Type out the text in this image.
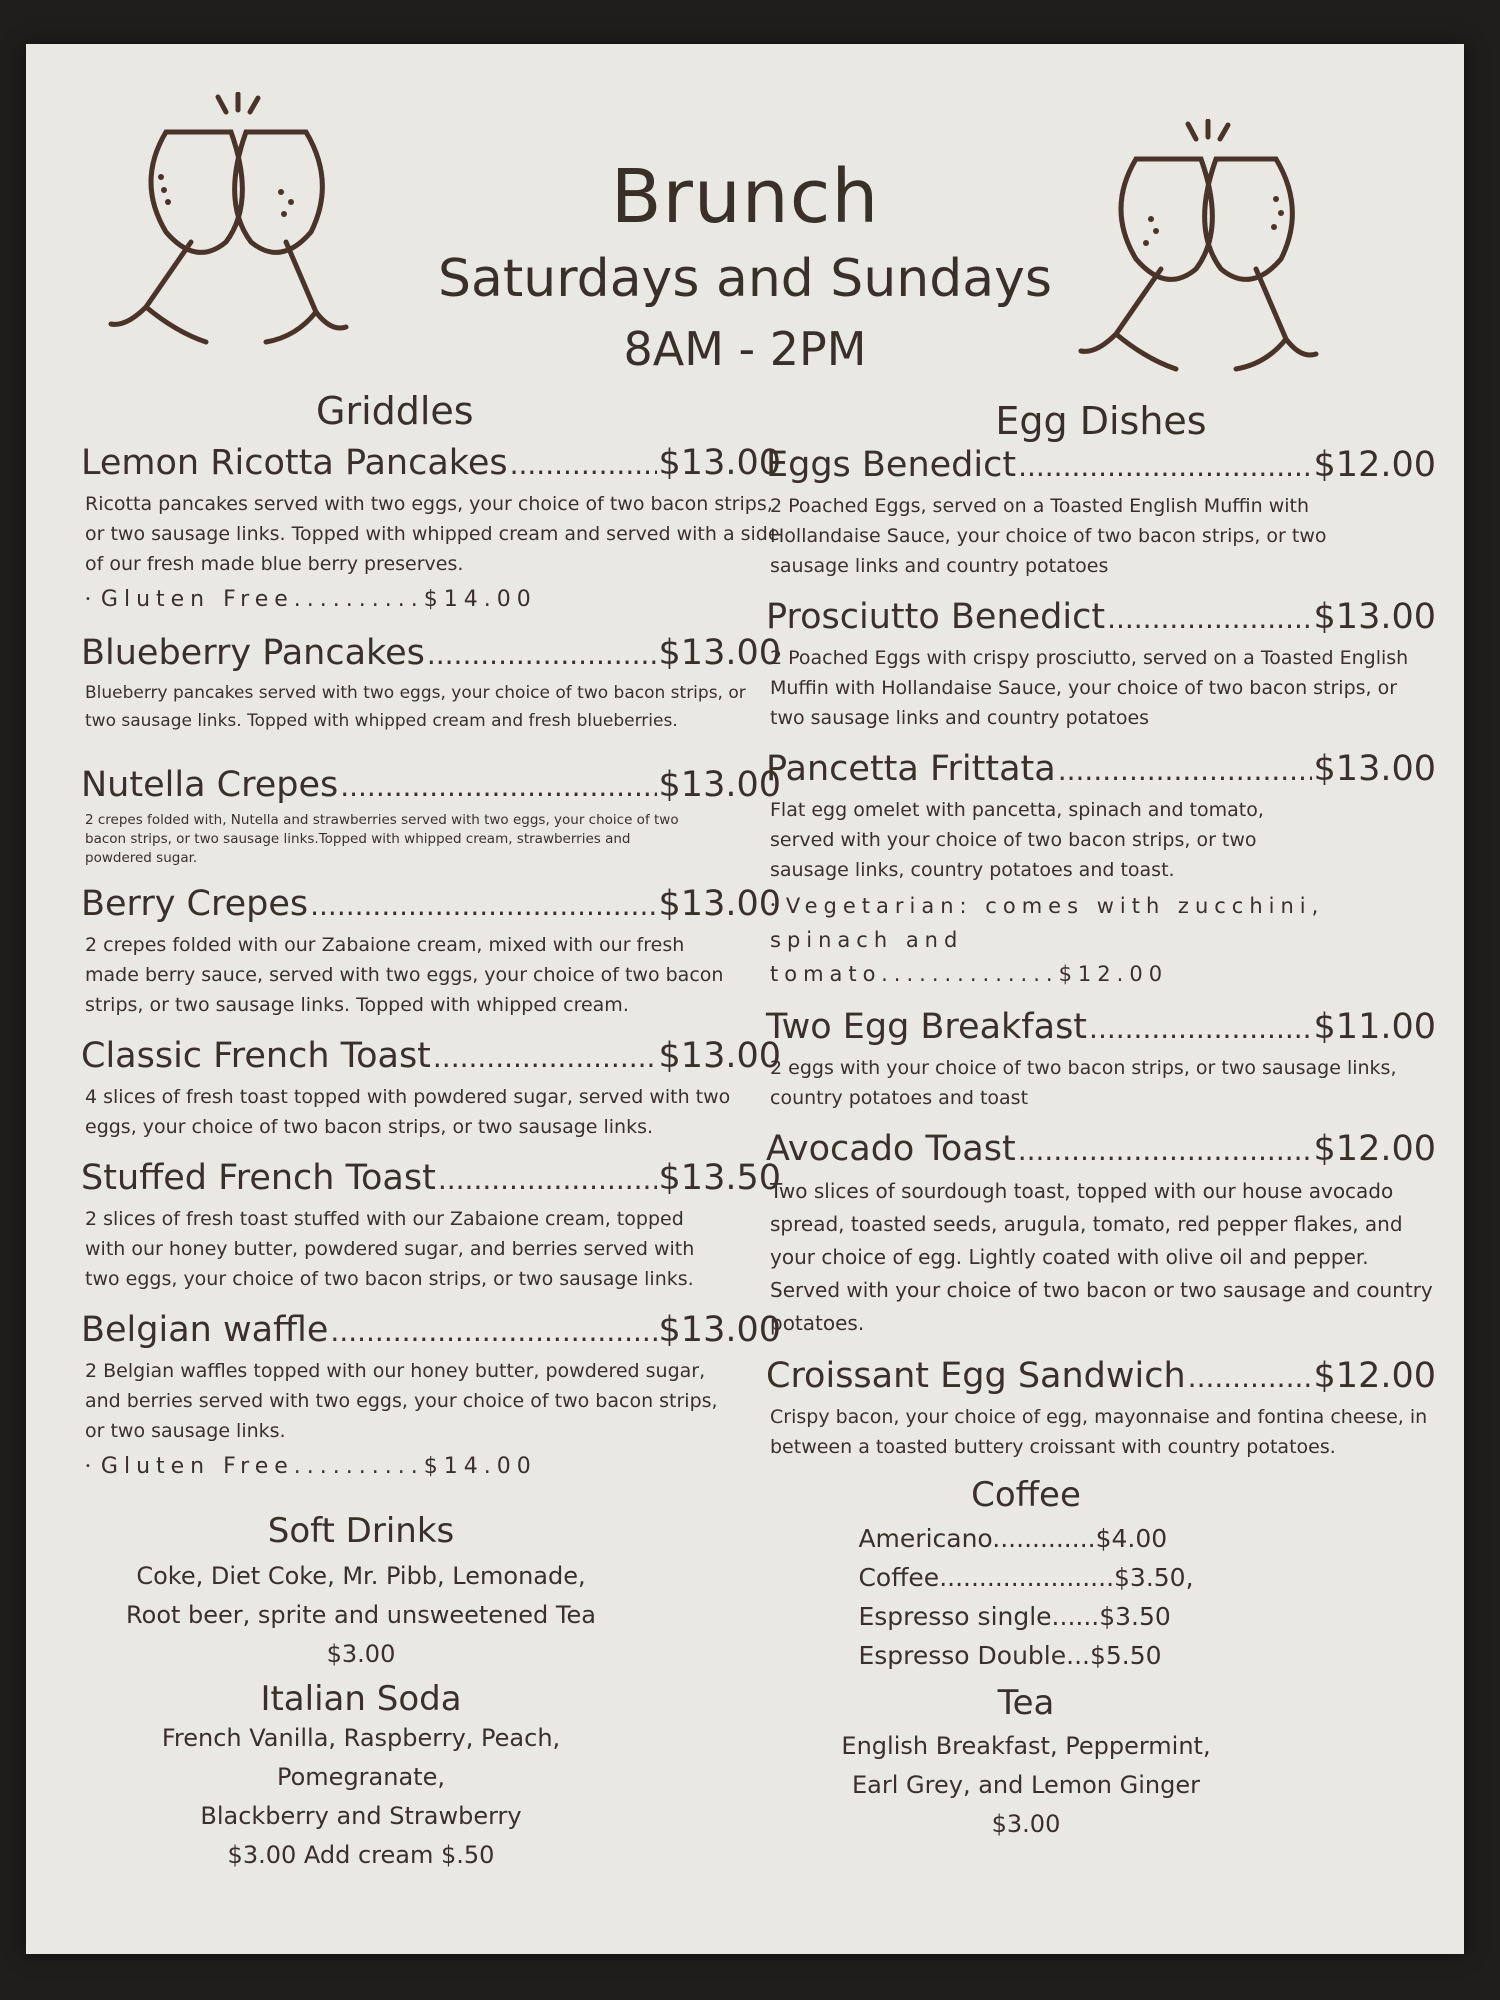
Brunch
Saturdays and Sundays
8AM - 2PM
Griddles
Lemon Ricotta Pancakes .....	$13.00
Ricotta pancakes served with two eggs, your choice of two bacon strips, or two sausage links. Topped with whipped cream and served with a side of our fresh made blue berry preserves.
• Gluten Free..........$14.00
Blueberry Pancakes .....	$13.00
Blueberry pancakes served with two eggs, your choice of two bacon strips, or two sausage links. Topped with whipped cream and fresh blueberries.
Nutella Crepes .....	$13.00
2 crepes folded with, Nutella and strawberries served with two eggs, your choice of two bacon strips, or two sausage links.Topped with whipped cream, strawberries and powdered sugar.
Berry Crepes .....	$13.00
2 crepes folded with our Zabaione cream, mixed with our fresh made berry sauce, served with two eggs, your choice of two bacon strips, or two sausage links. Topped with whipped cream.
Classic French Toast .....	$13.00
4 slices of fresh toast topped with powdered sugar, served with two eggs, your choice of two bacon strips, or two sausage links.
Stuffed French Toast .....	$13.50
2 slices of fresh toast stuffed with our Zabaione cream, topped with our honey butter, powdered sugar, and berries served with two eggs, your choice of two bacon strips, or two sausage links.
Belgian waffle .....	$13.00
2 Belgian waffles topped with our honey butter, powdered sugar, and berries served with two eggs, your choice of two bacon strips, or two sausage links.
• Gluten Free..........$14.00
Soft Drinks
Coke, Diet Coke, Mr. Pibb, Lemonade,
Root beer, sprite and unsweetened Tea
$3.00
Italian Soda
French Vanilla, Raspberry, Peach, Pomegranate,
Blackberry and Strawberry
$3.00 Add cream $.50
Egg Dishes
Eggs Benedict .....	$12.00
2 Poached Eggs, served on a Toasted English Muffin with Hollandaise Sauce, your choice of two bacon strips, or two sausage links and country potatoes
Prosciutto Benedict .....	$13.00
2 Poached Eggs with crispy prosciutto, served on a Toasted English Muffin with Hollandaise Sauce, your choice of two bacon strips, or two sausage links and country potatoes
Pancetta Frittata .....	$13.00
Flat egg omelet with pancetta, spinach and tomato, served with your choice of two bacon strips, or two sausage links, country potatoes and toast.
• Vegetarian: comes with zucchini, spinach and tomato..............$12.00
Two Egg Breakfast .....	$11.00
2 eggs with your choice of two bacon strips, or two sausage links, country potatoes and toast
Avocado Toast .....	$12.00
Two slices of sourdough toast, topped with our house avocado spread, toasted seeds, arugula, tomato, red pepper flakes, and your choice of egg. Lightly coated with olive oil and pepper. Served with your choice of two bacon or two sausage and country potatoes.
Croissant Egg Sandwich .....	$12.00
Crispy bacon, your choice of egg, mayonnaise and fontina cheese, in between a toasted buttery croissant with country potatoes.
Coffee
Americano.............$4.00
Coffee......................$3.50,
Espresso single......$3.50
Espresso Double...$5.50
Tea
English Breakfast, Peppermint,
Earl Grey, and Lemon Ginger
$3.00
